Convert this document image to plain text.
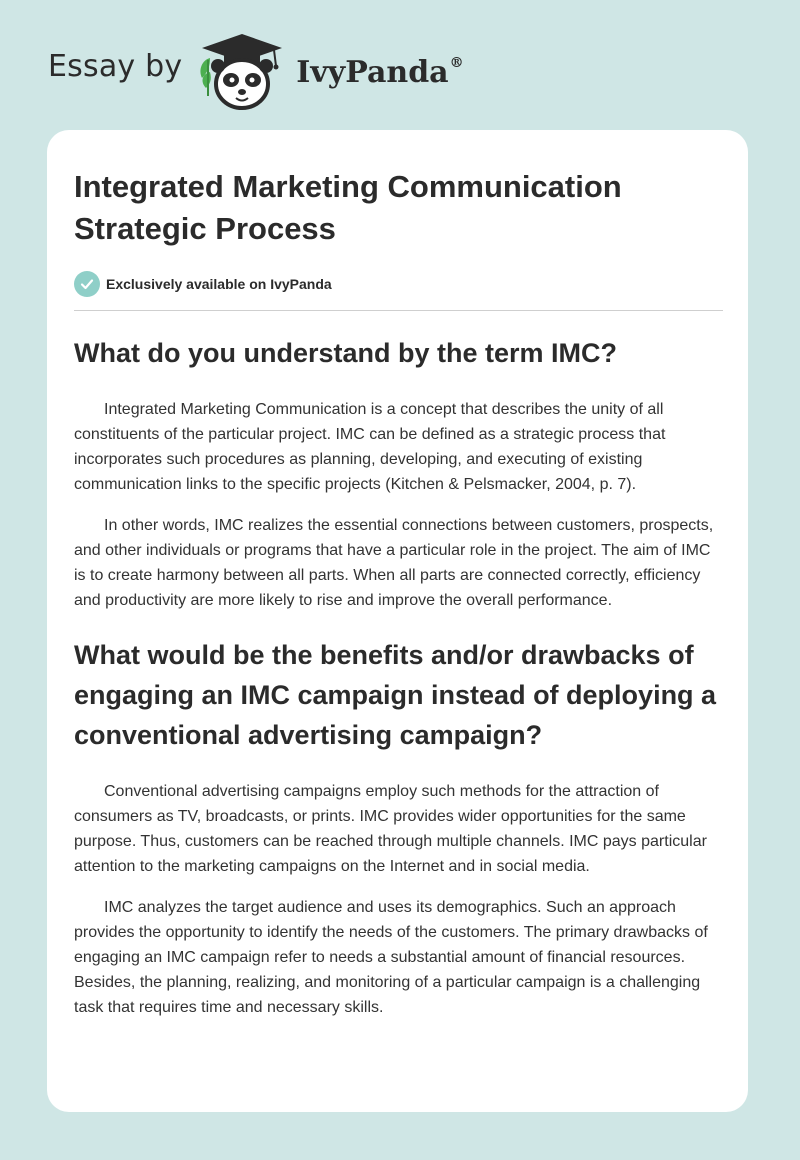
Essay by	IvyPanda®
Integrated Marketing Communication Strategic Process
Exclusively available on IvyPanda
What do you understand by the term IMC?

Integrated Marketing Communication is a concept that describes the unity of all constituents of the particular project. IMC can be defined as a strategic process that incorporates such procedures as planning, developing, and executing of existing communication links to the specific projects (Kitchen & Pelsmacker, 2004, p. 7).

In other words, IMC realizes the essential connections between customers, prospects, and other individuals or programs that have a particular role in the project. The aim of IMC is to create harmony between all parts. When all parts are connected correctly, efficiency and productivity are more likely to rise and improve the overall performance.

What would be the benefits and/or drawbacks of engaging an IMC campaign instead of deploying a conventional advertising campaign?

Conventional advertising campaigns employ such methods for the attraction of consumers as TV, broadcasts, or prints. IMC provides wider opportunities for the same purpose. Thus, customers can be reached through multiple channels. IMC pays particular attention to the marketing campaigns on the Internet and in social media.

IMC analyzes the target audience and uses its demographics. Such an approach provides the opportunity to identify the needs of the customers. The primary drawbacks of engaging an IMC campaign refer to needs a substantial amount of financial resources. Besides, the planning, realizing, and monitoring of a particular campaign is a challenging task that requires time and necessary skills.
